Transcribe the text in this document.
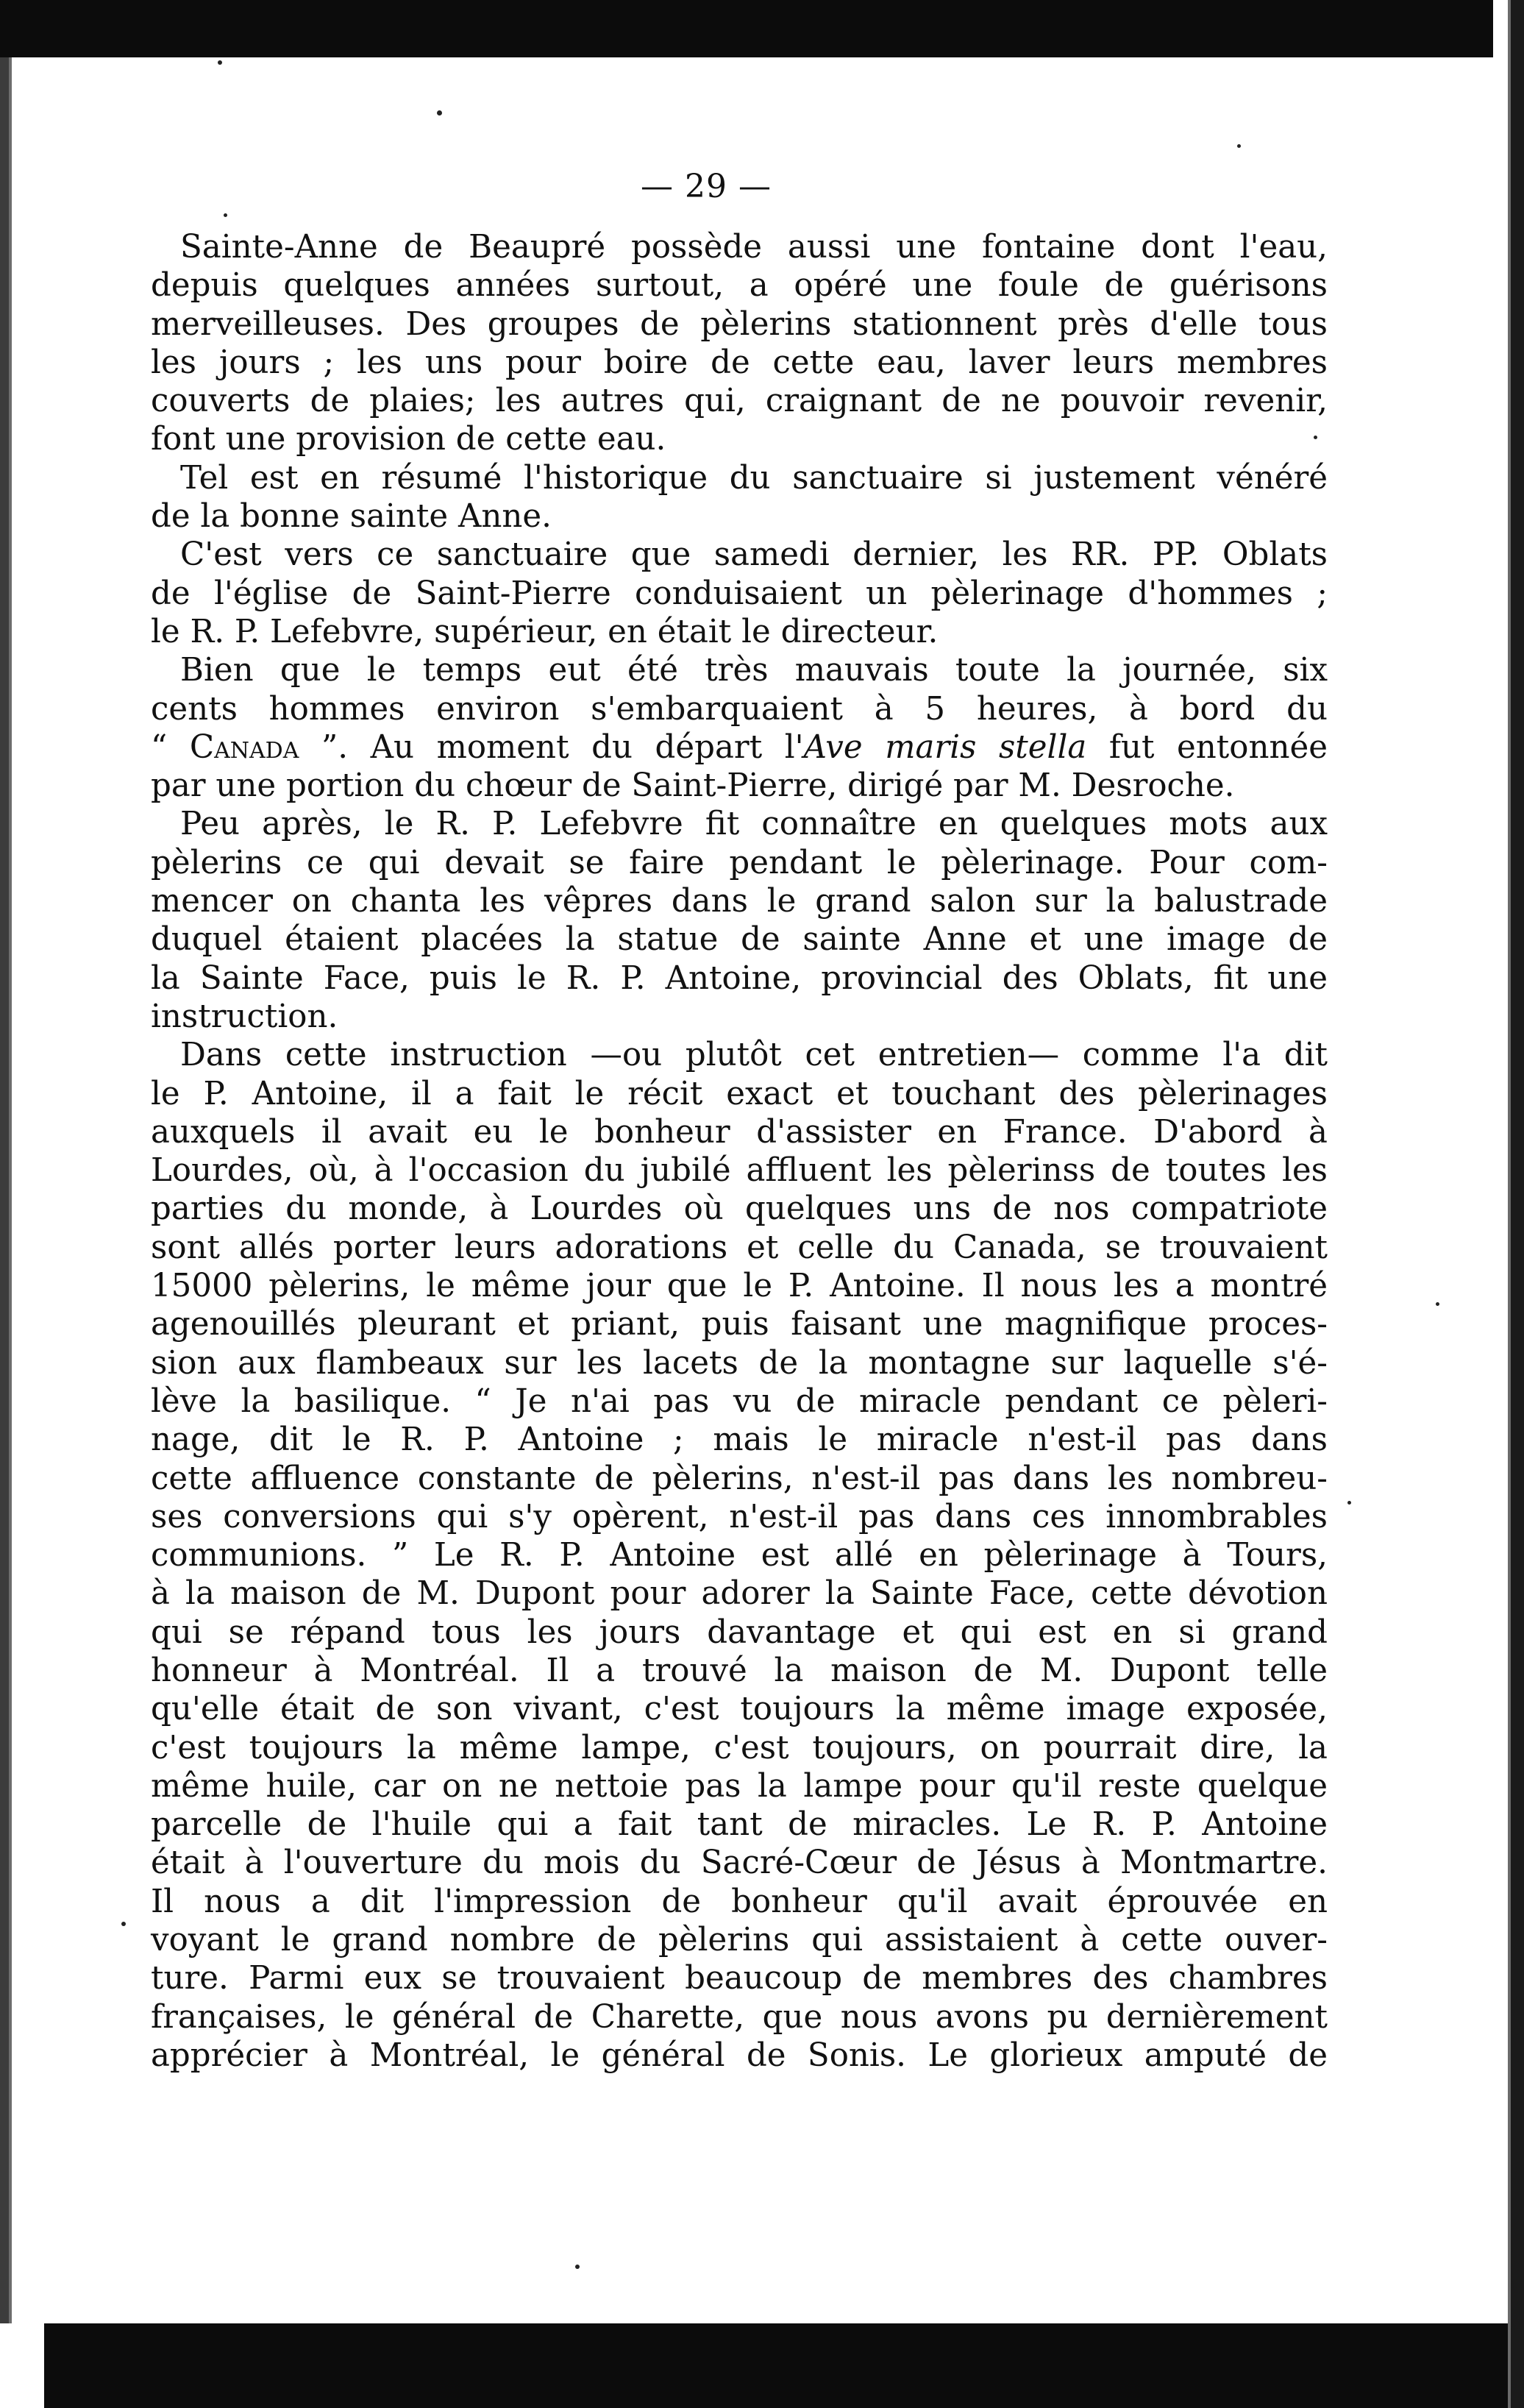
— 29 —
Sainte-Anne de Beaupré possède aussi une fontaine dont l'eau,
depuis quelques années surtout, a opéré une foule de guérisons
merveilleuses. Des groupes de pèlerins stationnent près d'elle tous
les jours ; les uns pour boire de cette eau, laver leurs membres
couverts de plaies; les autres qui, craignant de ne pouvoir revenir,
font une provision de cette eau.
Tel est en résumé l'historique du sanctuaire si justement vénéré
de la bonne sainte Anne.
C'est vers ce sanctuaire que samedi dernier, les RR. PP. Oblats
de l'église de Saint-Pierre conduisaient un pèlerinage d'hommes ;
le R. P. Lefebvre, supérieur, en était le directeur.
Bien que le temps eut été très mauvais toute la journée, six
cents hommes environ s'embarquaient à 5 heures, à bord du
“ Canada ”. Au moment du départ l'Ave maris stella fut entonnée
par une portion du chœur de Saint-Pierre, dirigé par M. Desroche.
Peu après, le R. P. Lefebvre fit connaître en quelques mots aux
pèlerins ce qui devait se faire pendant le pèlerinage. Pour com-
mencer on chanta les vêpres dans le grand salon sur la balustrade
duquel étaient placées la statue de sainte Anne et une image de
la Sainte Face, puis le R. P. Antoine, provincial des Oblats, fit une
instruction.
Dans cette instruction —ou plutôt cet entretien— comme l'a dit
le P. Antoine, il a fait le récit exact et touchant des pèlerinages
auxquels il avait eu le bonheur d'assister en France. D'abord à
Lourdes, où, à l'occasion du jubilé affluent les pèlerinss de toutes les
parties du monde, à Lourdes où quelques uns de nos compatriote
sont allés porter leurs adorations et celle du Canada, se trouvaient
15000 pèlerins, le même jour que le P. Antoine. Il nous les a montré
agenouillés pleurant et priant, puis faisant une magnifique proces-
sion aux flambeaux sur les lacets de la montagne sur laquelle s'é-
lève la basilique. “ Je n'ai pas vu de miracle pendant ce pèleri-
nage, dit le R. P. Antoine ; mais le miracle n'est-il pas dans
cette affluence constante de pèlerins, n'est-il pas dans les nombreu-
ses conversions qui s'y opèrent, n'est-il pas dans ces innombrables
communions. ” Le R. P. Antoine est allé en pèlerinage à Tours,
à la maison de M. Dupont pour adorer la Sainte Face, cette dévotion
qui se répand tous les jours davantage et qui est en si grand
honneur à Montréal. Il a trouvé la maison de M. Dupont telle
qu'elle était de son vivant, c'est toujours la même image exposée,
c'est toujours la même lampe, c'est toujours, on pourrait dire, la
même huile, car on ne nettoie pas la lampe pour qu'il reste quelque
parcelle de l'huile qui a fait tant de miracles. Le R. P. Antoine
était à l'ouverture du mois du Sacré-Cœur de Jésus à Montmartre.
Il nous a dit l'impression de bonheur qu'il avait éprouvée en
voyant le grand nombre de pèlerins qui assistaient à cette ouver-
ture. Parmi eux se trouvaient beaucoup de membres des chambres
françaises, le général de Charette, que nous avons pu dernièrement
apprécier à Montréal, le général de Sonis. Le glorieux amputé de
